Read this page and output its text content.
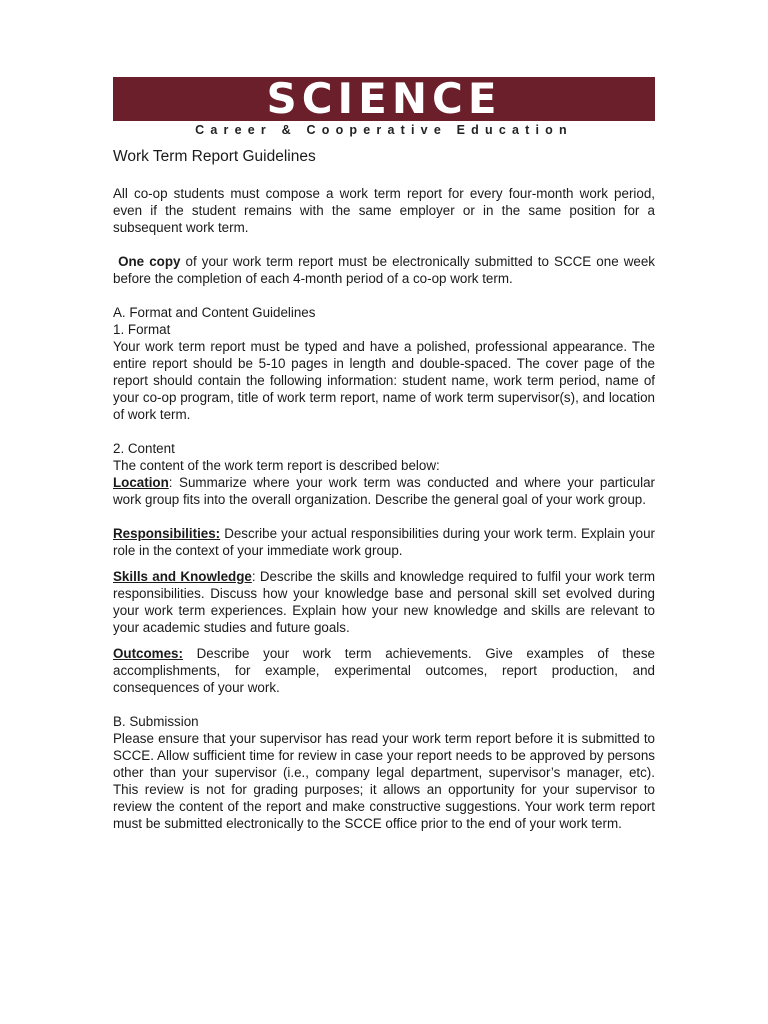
SCIENCE
Career & Cooperative Education
Work Term Report Guidelines

All co-op students must compose a work term report for every four-month work period, even if the student remains with the same employer or in the same position for a subsequent work term.

One copy of your work term report must be electronically submitted to SCCE one week before the completion of each 4-month period of a co-op work term.

A. Format and Content Guidelines
1. Format

Your work term report must be typed and have a polished, professional appearance. The entire report should be 5-10 pages in length and double-spaced. The cover page of the report should contain the following information: student name, work term period, name of your co-op program, title of work term report, name of work term supervisor(s), and location of work term.

2. Content

The content of the work term report is described below:

Location: Summarize where your work term was conducted and where your particular work group fits into the overall organization. Describe the general goal of your work group.

Responsibilities: Describe your actual responsibilities during your work term. Explain your role in the context of your immediate work group.

Skills and Knowledge: Describe the skills and knowledge required to fulfil your work term responsibilities. Discuss how your knowledge base and personal skill set evolved during your work term experiences. Explain how your new knowledge and skills are relevant to your academic studies and future goals.

Outcomes: Describe your work term achievements. Give examples of these accomplishments, for example, experimental outcomes, report production, and consequences of your work.

B. Submission

Please ensure that your supervisor has read your work term report before it is submitted to SCCE. Allow sufficient time for review in case your report needs to be approved by persons other than your supervisor (i.e., company legal department, supervisor’s manager, etc). This review is not for grading purposes; it allows an opportunity for your supervisor to review the content of the report and make constructive suggestions. Your work term report must be submitted electronically to the SCCE office prior to the end of your work term.
